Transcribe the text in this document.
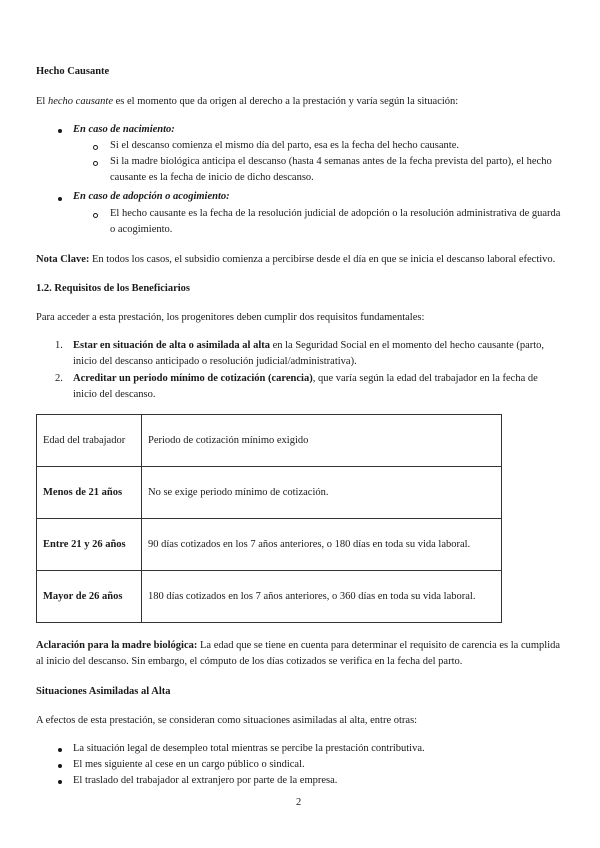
Hecho Causante
El hecho causante es el momento que da origen al derecho a la prestación y varía según la situación:
En caso de nacimiento:
Si el descanso comienza el mismo día del parto, esa es la fecha del hecho causante.
Si la madre biológica anticipa el descanso (hasta 4 semanas antes de la fecha prevista del parto), el hecho causante es la fecha de inicio de dicho descanso.
En caso de adopción o acogimiento:
El hecho causante es la fecha de la resolución judicial de adopción o la resolución administrativa de guarda o acogimiento.
Nota Clave: En todos los casos, el subsidio comienza a percibirse desde el día en que se inicia el descanso laboral efectivo.
1.2. Requisitos de los Beneficiarios
Para acceder a esta prestación, los progenitores deben cumplir dos requisitos fundamentales:
1. Estar en situación de alta o asimilada al alta en la Seguridad Social en el momento del hecho causante (parto, inicio del descanso anticipado o resolución judicial/administrativa).
2. Acreditar un periodo mínimo de cotización (carencia), que varía según la edad del trabajador en la fecha de inicio del descanso.
Edad del trabajador	Periodo de cotización mínimo exigido
Menos de 21 años	No se exige periodo mínimo de cotización.
Entre 21 y 26 años	90 días cotizados en los 7 años anteriores, o 180 días en toda su vida laboral.
Mayor de 26 años	180 días cotizados en los 7 años anteriores, o 360 días en toda su vida laboral.
Aclaración para la madre biológica: La edad que se tiene en cuenta para determinar el requisito de carencia es la cumplida al inicio del descanso. Sin embargo, el cómputo de los días cotizados se verifica en la fecha del parto.
Situaciones Asimiladas al Alta
A efectos de esta prestación, se consideran como situaciones asimiladas al alta, entre otras:
La situación legal de desempleo total mientras se percibe la prestación contributiva.
El mes siguiente al cese en un cargo público o sindical.
El traslado del trabajador al extranjero por parte de la empresa.
2
